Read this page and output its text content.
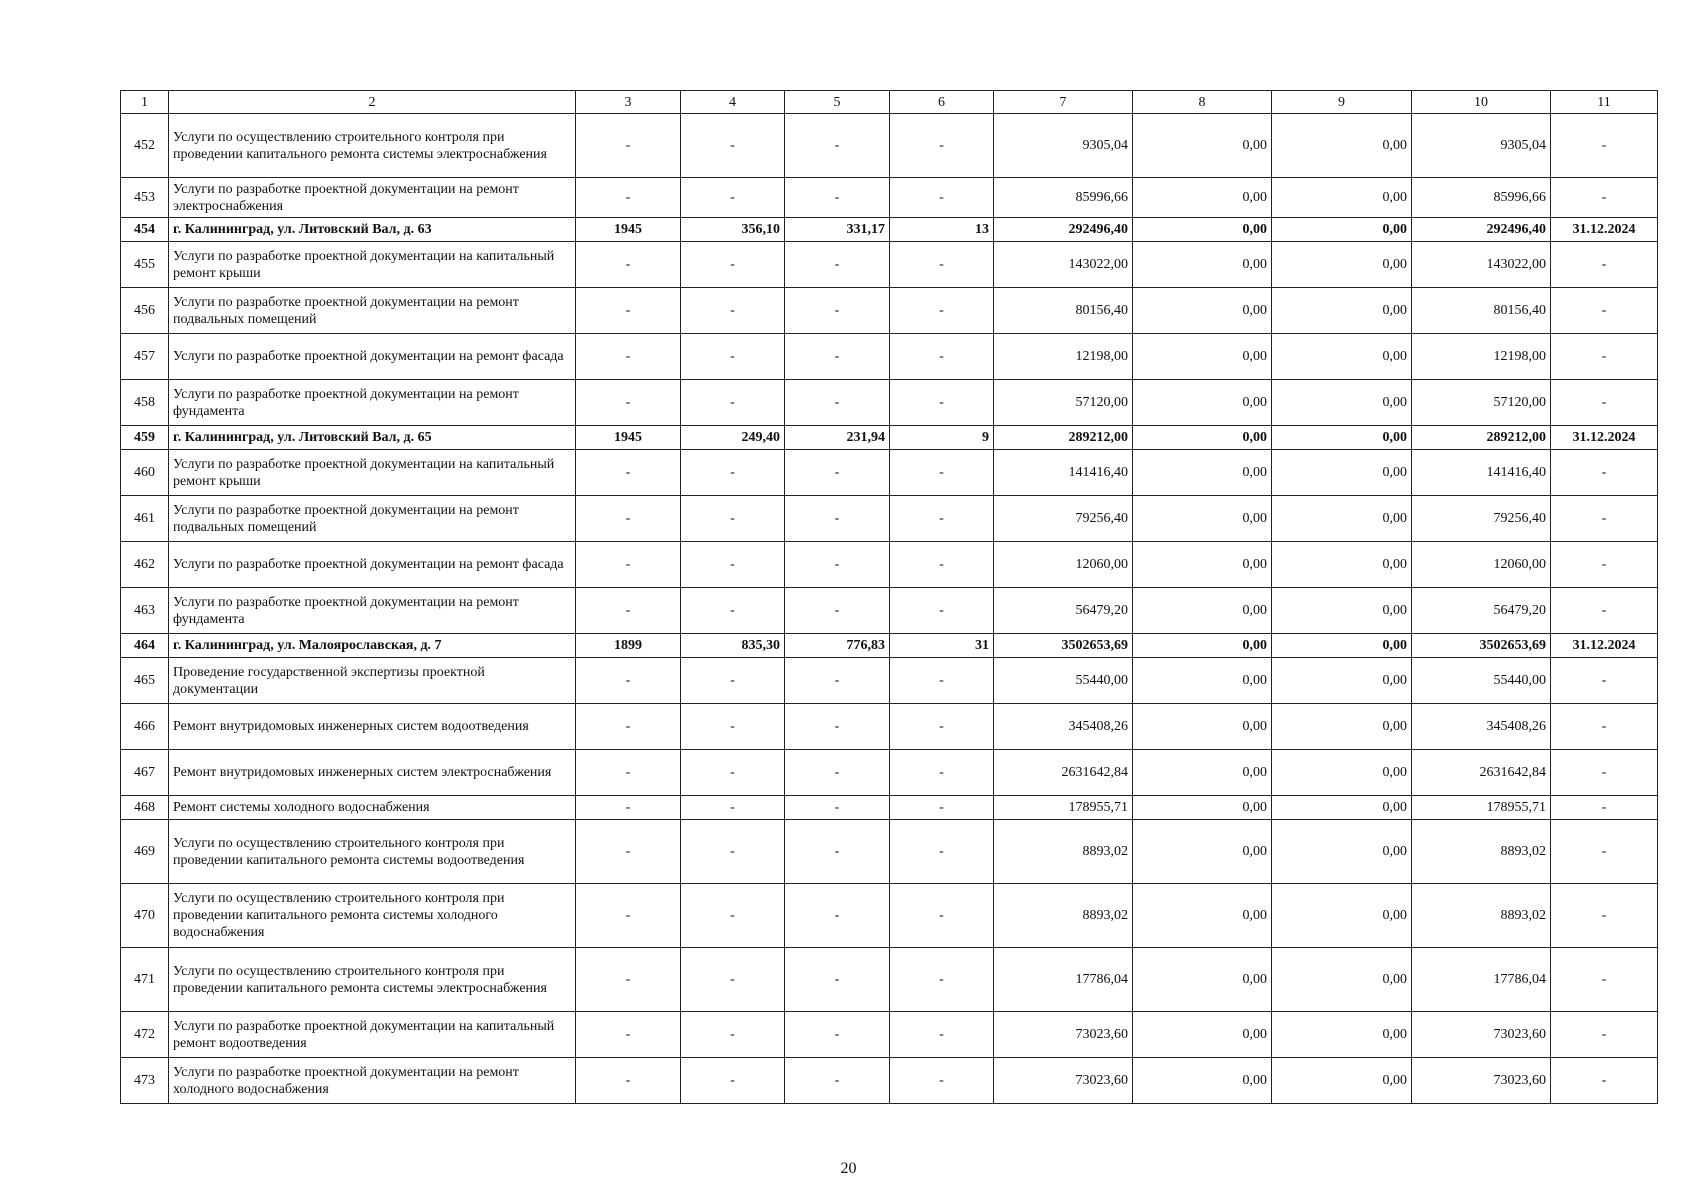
1	2	3	4	5	6	7	8	9	10	11
452	Услуги по осуществлению строительного контроля при проведении капитального ремонта системы электроснабжения	-	-	-	-	9305,04	0,00	0,00	9305,04	-
453	Услуги по разработке проектной документации на ремонт электроснабжения	-	-	-	-	85996,66	0,00	0,00	85996,66	-
454	г. Калининград, ул. Литовский Вал, д. 63	1945	356,10	331,17	13	292496,40	0,00	0,00	292496,40	31.12.2024
455	Услуги по разработке проектной документации на капитальный ремонт крыши	-	-	-	-	143022,00	0,00	0,00	143022,00	-
456	Услуги по разработке проектной документации на ремонт подвальных помещений	-	-	-	-	80156,40	0,00	0,00	80156,40	-
457	Услуги по разработке проектной документации на ремонт фасада	-	-	-	-	12198,00	0,00	0,00	12198,00	-
458	Услуги по разработке проектной документации на ремонт фундамента	-	-	-	-	57120,00	0,00	0,00	57120,00	-
459	г. Калининград, ул. Литовский Вал, д. 65	1945	249,40	231,94	9	289212,00	0,00	0,00	289212,00	31.12.2024
460	Услуги по разработке проектной документации на капитальный ремонт крыши	-	-	-	-	141416,40	0,00	0,00	141416,40	-
461	Услуги по разработке проектной документации на ремонт подвальных помещений	-	-	-	-	79256,40	0,00	0,00	79256,40	-
462	Услуги по разработке проектной документации на ремонт фасада	-	-	-	-	12060,00	0,00	0,00	12060,00	-
463	Услуги по разработке проектной документации на ремонт фундамента	-	-	-	-	56479,20	0,00	0,00	56479,20	-
464	г. Калининград, ул. Малоярославская, д. 7	1899	835,30	776,83	31	3502653,69	0,00	0,00	3502653,69	31.12.2024
465	Проведение государственной экспертизы проектной документации	-	-	-	-	55440,00	0,00	0,00	55440,00	-
466	Ремонт внутридомовых инженерных систем водоотведения	-	-	-	-	345408,26	0,00	0,00	345408,26	-
467	Ремонт внутридомовых инженерных систем электроснабжения	-	-	-	-	2631642,84	0,00	0,00	2631642,84	-
468	Ремонт системы холодного водоснабжения	-	-	-	-	178955,71	0,00	0,00	178955,71	-
469	Услуги по осуществлению строительного контроля при проведении капитального ремонта системы водоотведения	-	-	-	-	8893,02	0,00	0,00	8893,02	-
470	Услуги по осуществлению строительного контроля при проведении капитального ремонта системы холодного водоснабжения	-	-	-	-	8893,02	0,00	0,00	8893,02	-
471	Услуги по осуществлению строительного контроля при проведении капитального ремонта системы электроснабжения	-	-	-	-	17786,04	0,00	0,00	17786,04	-
472	Услуги по разработке проектной документации на капитальный ремонт водоотведения	-	-	-	-	73023,60	0,00	0,00	73023,60	-
473	Услуги по разработке проектной документации на ремонт холодного водоснабжения	-	-	-	-	73023,60	0,00	0,00	73023,60	-
20
